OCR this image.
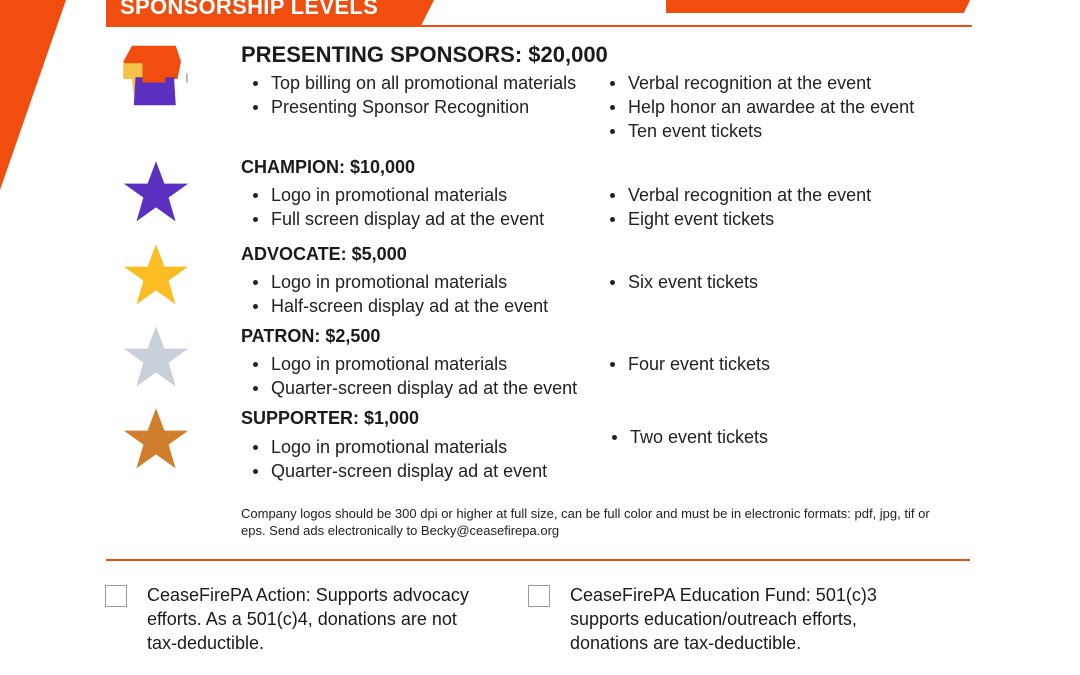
SPONSORSHIP LEVELS
PRESENTING SPONSORS: $20,000
Top billing on all promotional materials
Presenting Sponsor Recognition
Verbal recognition at the event
Help honor an awardee at the event
Ten event tickets
CHAMPION: $10,000
Logo in promotional materials
Full screen display ad at the event
Verbal recognition at the event
Eight event tickets
ADVOCATE: $5,000
Logo in promotional materials
Half-screen display ad at the event
Six event tickets
PATRON: $2,500
Logo in promotional materials
Quarter-screen display ad at the event
Four event tickets
SUPPORTER: $1,000
Logo in promotional materials
Quarter-screen display ad at event
Two event tickets
Company logos should be 300 dpi or higher at full size, can be full color and must be in electronic formats: pdf, jpg, tif or eps. Send ads electronically to Becky@ceasefirepa.org
CeaseFirePA Action: Supports advocacy efforts. As a 501(c)4, donations are not tax-deductible.
CeaseFirePA Education Fund: 501(c)3 supports education/outreach efforts, donations are tax-deductible.
